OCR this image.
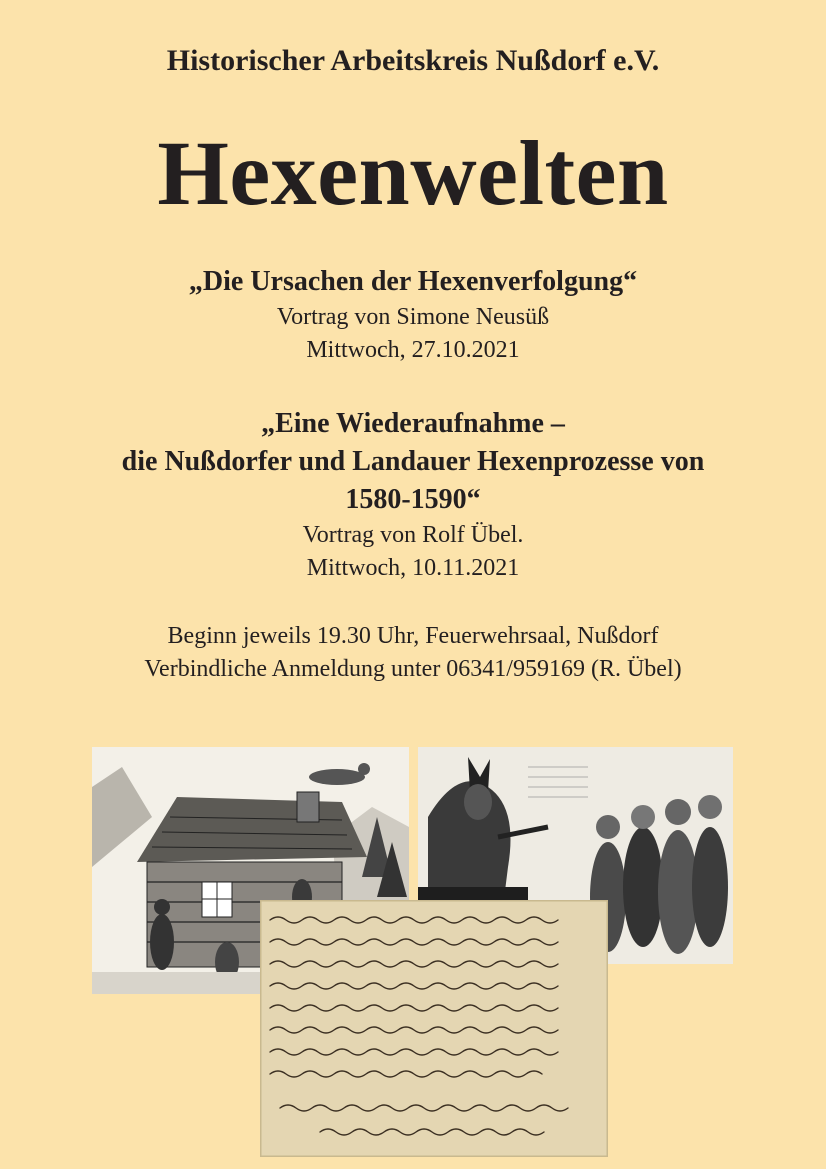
Historischer Arbeitskreis Nußdorf e.V.
Hexenwelten
„Die Ursachen der Hexenverfolgung“
Vortrag von Simone Neusüß
Mittwoch, 27.10.2021
„Eine Wiederaufnahme –
die Nußdorfer und Landauer Hexenprozesse von
1580-1590“
Vortrag von Rolf Übel.
Mittwoch, 10.11.2021
Beginn jeweils 19.30 Uhr, Feuerwehrsaal, Nußdorf
Verbindliche Anmeldung unter 06341/959169 (R. Übel)
